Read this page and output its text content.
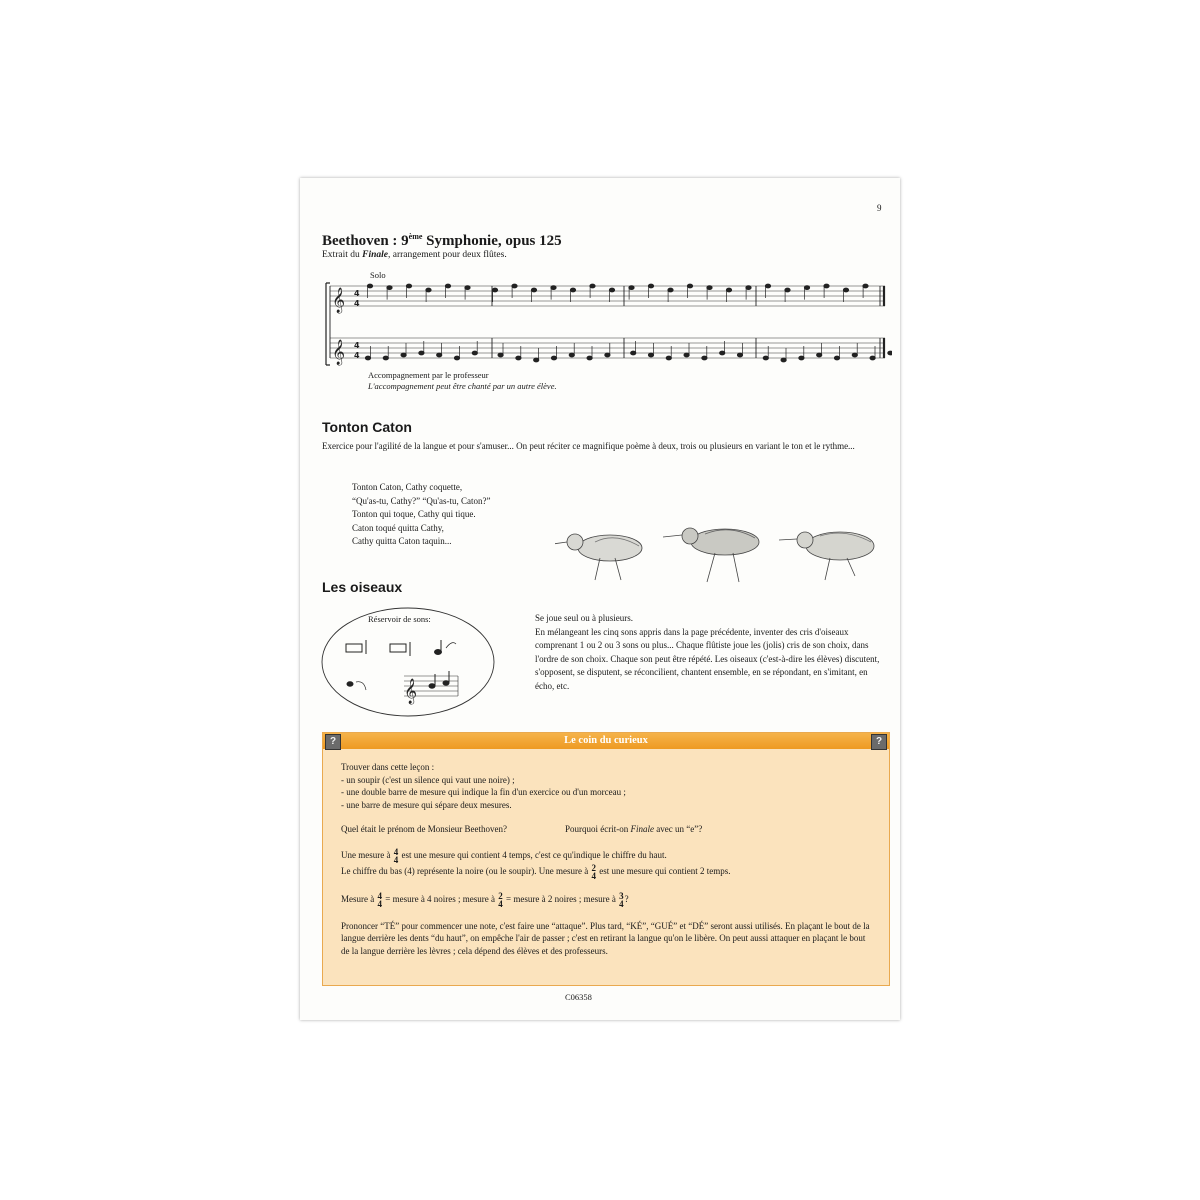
9
Beethoven : 9ème Symphonie, opus 125
Extrait du Finale, arrangement pour deux flûtes.
Solo
𝄞
𝄞
4
4
4
4
Accompagnement par le professeur
L'accompagnement peut être chanté par un autre élève.
Tonton Caton
Exercice pour l'agilité de la langue et pour s'amuser... On peut réciter ce magnifique poème à deux, trois ou plusieurs en variant le ton et le rythme...
Tonton Caton, Cathy coquette,
“Qu'as-tu, Cathy?” “Qu'as-tu, Caton?”
Tonton qui toque, Cathy qui tique.
Caton toqué quitta Cathy,
Cathy quitta Caton taquin...
Les oiseaux
𝄞
Réservoir de sons:	Se joue seul ou à plusieurs.
En mélangeant les cinq sons appris dans la page précédente, inventer des cris d'oiseaux comprenant 1 ou 2 ou 3 sons ou plus... Chaque flûtiste joue les (jolis) cris de son choix, dans l'ordre de son choix. Chaque son peut être répété. Les oiseaux (c'est-à-dire les élèves) discutent, s'opposent, se disputent, se réconcilient, chantent ensemble, en se répondant, en s'imitant, en écho, etc.
?	Le coin du curieux	?

Trouver dans cette leçon :

- un soupir (c'est un silence qui vaut une noire) ;

- une double barre de mesure qui indique la fin d'un exercice ou d'un morceau ;

- une barre de mesure qui sépare deux mesures.

Quel était le prénom de Monsieur Beethoven?	Pourquoi écrit-on Finale avec un “e”?

Une mesure à 4
4 est une mesure qui contient 4 temps, c'est ce qu'indique le chiffre du haut.

Le chiffre du bas (4) représente la noire (ou le soupir). Une mesure à 2
4 est une mesure qui contient 2 temps.

Mesure à 4
4 = mesure à 4 noires ; mesure à 2
4 = mesure à 2 noires ; mesure à 3
4 ?

Prononcer “TÉ” pour commencer une note, c'est faire une “attaque”. Plus tard, “KÉ”, “GUÉ” et “DÉ” seront aussi utilisés. En plaçant le bout de la langue derrière les dents “du haut”, on empêche l'air de passer ; c'est en retirant la langue qu'on le libère. On peut aussi attaquer en plaçant le bout de la langue derrière les lèvres ; cela dépend des élèves et des professeurs.

C06358
